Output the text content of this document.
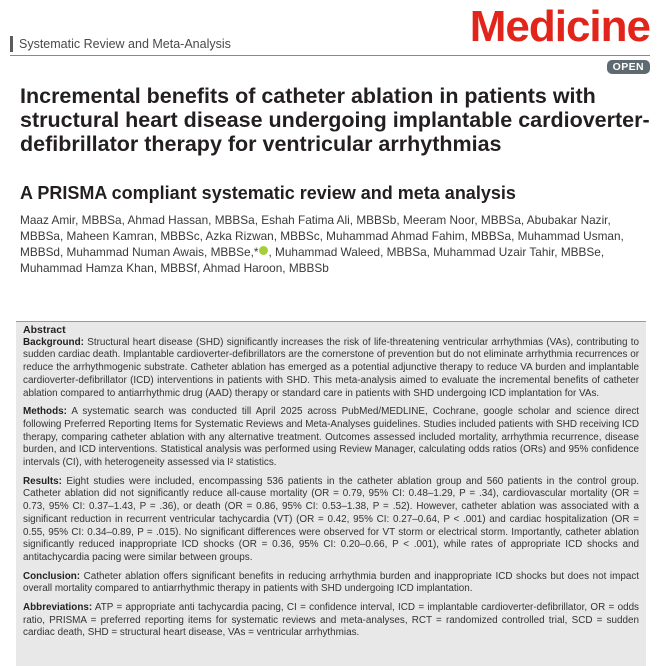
Medicine
Systematic Review and Meta-Analysis
OPEN
Incremental benefits of catheter ablation in patients with structural heart disease undergoing implantable cardioverter-defibrillator therapy for ventricular arrhythmias
A PRISMA compliant systematic review and meta analysis
Maaz Amir, MBBSa, Ahmad Hassan, MBBSa, Eshah Fatima Ali, MBBSb, Meeram Noor, MBBSa, Abubakar Nazir, MBBSa, Maheen Kamran, MBBSc, Azka Rizwan, MBBSc, Muhammad Ahmad Fahim, MBBSa, Muhammad Usman, MBBSd, Muhammad Numan Awais, MBBSe,* , Muhammad Waleed, MBBSa, Muhammad Uzair Tahir, MBBSe, Muhammad Hamza Khan, MBBSf, Ahmad Haroon, MBBSb
Abstract

Background: Structural heart disease (SHD) significantly increases the risk of life-threatening ventricular arrhythmias (VAs), contributing to sudden cardiac death. Implantable cardioverter-defibrillators are the cornerstone of prevention but do not eliminate arrhythmia recurrences or reduce the arrhythmogenic substrate. Catheter ablation has emerged as a potential adjunctive therapy to reduce VA burden and implantable cardioverter-defibrillator (ICD) interventions in patients with SHD. This meta-analysis aimed to evaluate the incremental benefits of catheter ablation compared to antiarrhythmic drug (AAD) therapy or standard care in patients with SHD undergoing ICD implantation for VAs.

Methods: A systematic search was conducted till April 2025 across PubMed/MEDLINE, Cochrane, google scholar and science direct following Preferred Reporting Items for Systematic Reviews and Meta-Analyses guidelines. Studies included patients with SHD receiving ICD therapy, comparing catheter ablation with any alternative treatment. Outcomes assessed included mortality, arrhythmia recurrence, disease burden, and ICD interventions. Statistical analysis was performed using Review Manager, calculating odds ratios (ORs) and 95% confidence intervals (CI), with heterogeneity assessed via I² statistics.

Results: Eight studies were included, encompassing 536 patients in the catheter ablation group and 560 patients in the control group. Catheter ablation did not significantly reduce all-cause mortality (OR = 0.79, 95% CI: 0.48–1.29, P = .34), cardiovascular mortality (OR = 0.73, 95% CI: 0.37–1.43, P = .36), or death (OR = 0.86, 95% CI: 0.53–1.38, P = .52). However, catheter ablation was associated with a significant reduction in recurrent ventricular tachycardia (VT) (OR = 0.42, 95% CI: 0.27–0.64, P < .001) and cardiac hospitalization (OR = 0.55, 95% CI: 0.34–0.89, P = .015). No significant differences were observed for VT storm or electrical storm. Importantly, catheter ablation significantly reduced inappropriate ICD shocks (OR = 0.36, 95% CI: 0.20–0.66, P < .001), while rates of appropriate ICD shocks and antitachycardia pacing were similar between groups.

Conclusion: Catheter ablation offers significant benefits in reducing arrhythmia burden and inappropriate ICD shocks but does not impact overall mortality compared to antiarrhythmic therapy in patients with SHD undergoing ICD implantation.

Abbreviations: ATP = appropriate anti tachycardia pacing, CI = confidence interval, ICD = implantable cardioverter-defibrillator, OR = odds ratio, PRISMA = preferred reporting items for systematic reviews and meta-analyses, RCT = randomized controlled trial, SCD = sudden cardiac death, SHD = structural heart disease, VAs = ventricular arrhythmias.
